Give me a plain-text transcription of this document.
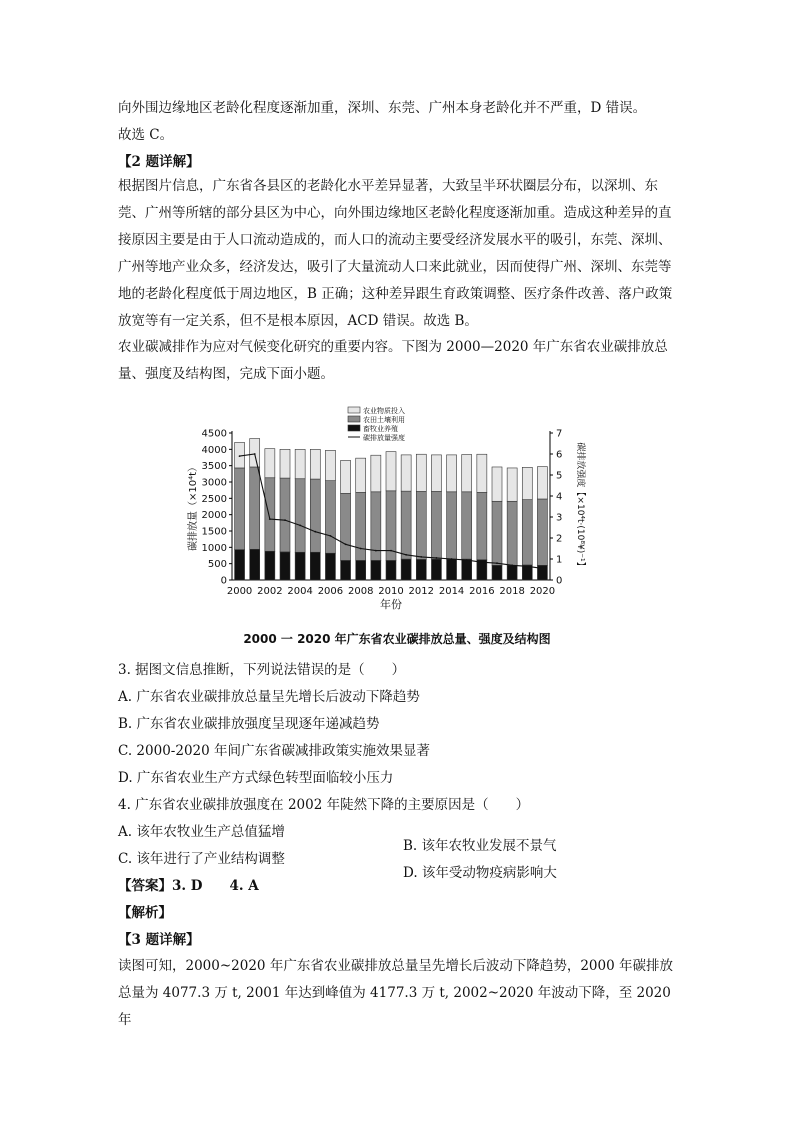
向外围边缘地区老龄化程度逐渐加重，深圳、东莞、广州本身老龄化并不严重，D 错误。

故选 C。

【2 题详解】

根据图片信息，广东省各县区的老龄化水平差异显著，大致呈半环状圈层分布，以深圳、东莞、广州等所辖的部分县区为中心，向外围边缘地区老龄化程度逐渐加重。造成这种差异的直接原因主要是由于人口流动造成的，而人口的流动主要受经济发展水平的吸引，东莞、深圳、广州等地产业众多，经济发达，吸引了大量流动人口来此就业，因而使得广州、深圳、东莞等地的老龄化程度低于周边地区，B 正确；这种差异跟生育政策调整、医疗条件改善、落户政策放宽等有一定关系，但不是根本原因，ACD 错误。故选 B。

农业碳减排作为应对气候变化研究的重要内容。下图为 2000—2020 年广东省农业碳排放总量、强度及结构图，完成下面小题。

0
500
1000
1500
2000
2500
3000
3500
4000
4500
0
1
2
3
4
5
6
7
2000 2002 2004 2006 2008 2010 2012 2014 2016 2018 2020
年份
碳排放量（×10⁴t）	碳排放强度【×10⁴t·(10⁸¥)⁻¹】
农业物质投入
农田土壤利用
畜牧业养殖
碳排放量强度
2000 一 2020 年广东省农业碳排放总量、强度及结构图

3. 据图文信息推断，下列说法错误的是（　　）

A. 广东省农业碳排放总量呈先增长后波动下降趋势

B. 广东省农业碳排放强度呈现逐年递减趋势

C. 2000-2020 年间广东省碳减排政策实施效果显著

D. 广东省农业生产方式绿色转型面临较小压力

4. 广东省农业碳排放强度在 2002 年陡然下降的主要原因是（　　）

A. 该年农牧业生产总值猛增

B. 该年农牧业发展不景气

C. 该年进行了产业结构调整

D. 该年受动物疫病影响大

【答案】3. D　　4. A

【解析】

【3 题详解】

读图可知，2000~2020 年广东省农业碳排放总量呈先增长后波动下降趋势，2000 年碳排放总量为 4077.3 万 t, 2001 年达到峰值为 4177.3 万 t, 2002~2020 年波动下降，至 2020 年
